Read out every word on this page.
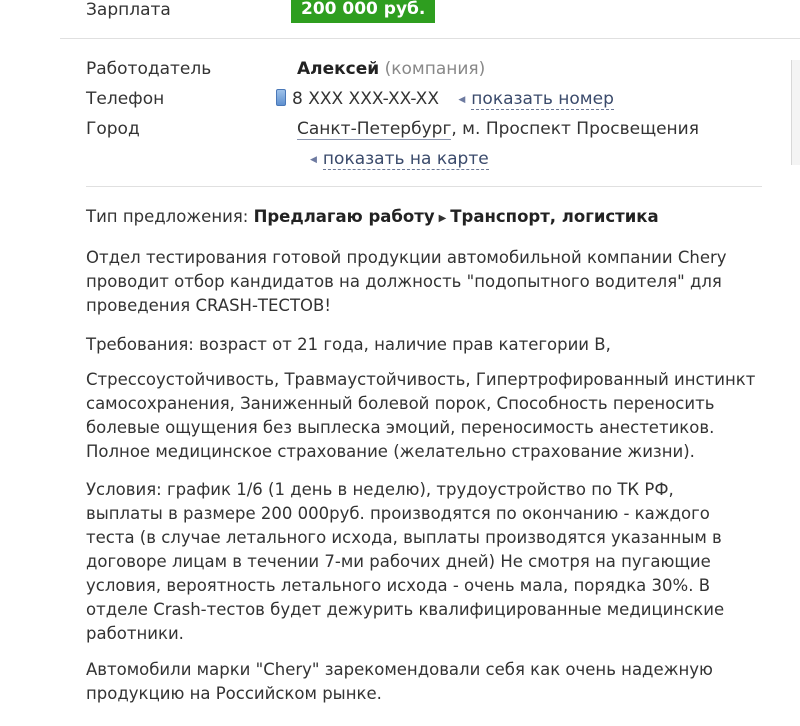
Зарплата	200 000 руб.
Работодатель	Алексей (компания)
Телефон	8 XXX XXX-XX-XX ◀ показать номер
Город	Санкт-Петербург, м. Проспект Просвещения
◀ показать на карте
Тип предложения: Предлагаю работу ▶ Транспорт, логистика
Отдел тестирования готовой продукции автомобильной компании Chery
проводит отбор кандидатов на должность "подопытного водителя" для
проведения CRASH-ТЕСТОВ!
Требования: возраст от 21 года, наличие прав категории B,
Стрессоустойчивость, Травмаустойчивость, Гипертрофированный инстинкт
самосохранения, Заниженный болевой порок, Способность переносить
болевые ощущения без выплеска эмоций, переносимость анестетиков.
Полное медицинское страхование (желательно страхование жизни).
Условия: график 1/6 (1 день в неделю), трудоустройство по ТК РФ,
выплаты в размере 200 000руб. производятся по окончанию - каждого
теста (в случае летального исхода, выплаты производятся указанным в
договоре лицам в течении 7-ми рабочих дней) Не смотря на пугающие
условия, вероятность летального исхода - очень мала, порядка 30%. В
отделе Crash-тестов будет дежурить квалифицированные медицинские
работники.
Автомобили марки "Chery" зарекомендовали себя как очень надежную
продукцию на Российском рынке.
